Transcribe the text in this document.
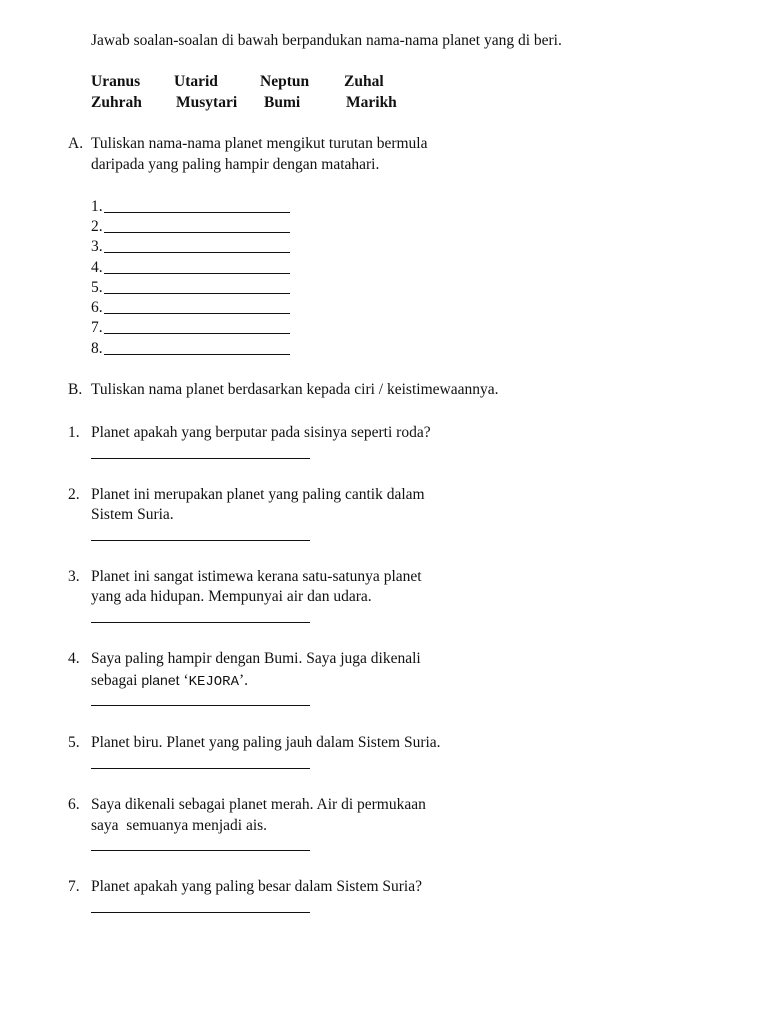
Jawab soalan-soalan di bawah berpandukan nama-nama planet yang di beri.
Uranus Utarid	Neptun Zuhal
Zuhrah Musytari Bumi	Marikh
A. Tuliskan nama-nama planet mengikut turutan bermula
daripada yang paling hampir dengan matahari.
1.
2.
3.
4.
5.
6.
7.
8.
B. Tuliskan nama planet berdasarkan kepada ciri / keistimewaannya.
1. Planet apakah yang berputar pada sisinya seperti roda?
2. Planet ini merupakan planet yang paling cantik dalam
Sistem Suria.
3. Planet ini sangat istimewa kerana satu-satunya planet
yang ada hidupan. Mempunyai air dan udara.
4. Saya paling hampir dengan Bumi. Saya juga dikenali
sebagai planet ‘KEJORA’.
5. Planet biru. Planet yang paling jauh dalam Sistem Suria.
6. Saya dikenali sebagai planet merah. Air di permukaan
saya  semuanya menjadi ais.
7. Planet apakah yang paling besar dalam Sistem Suria?
